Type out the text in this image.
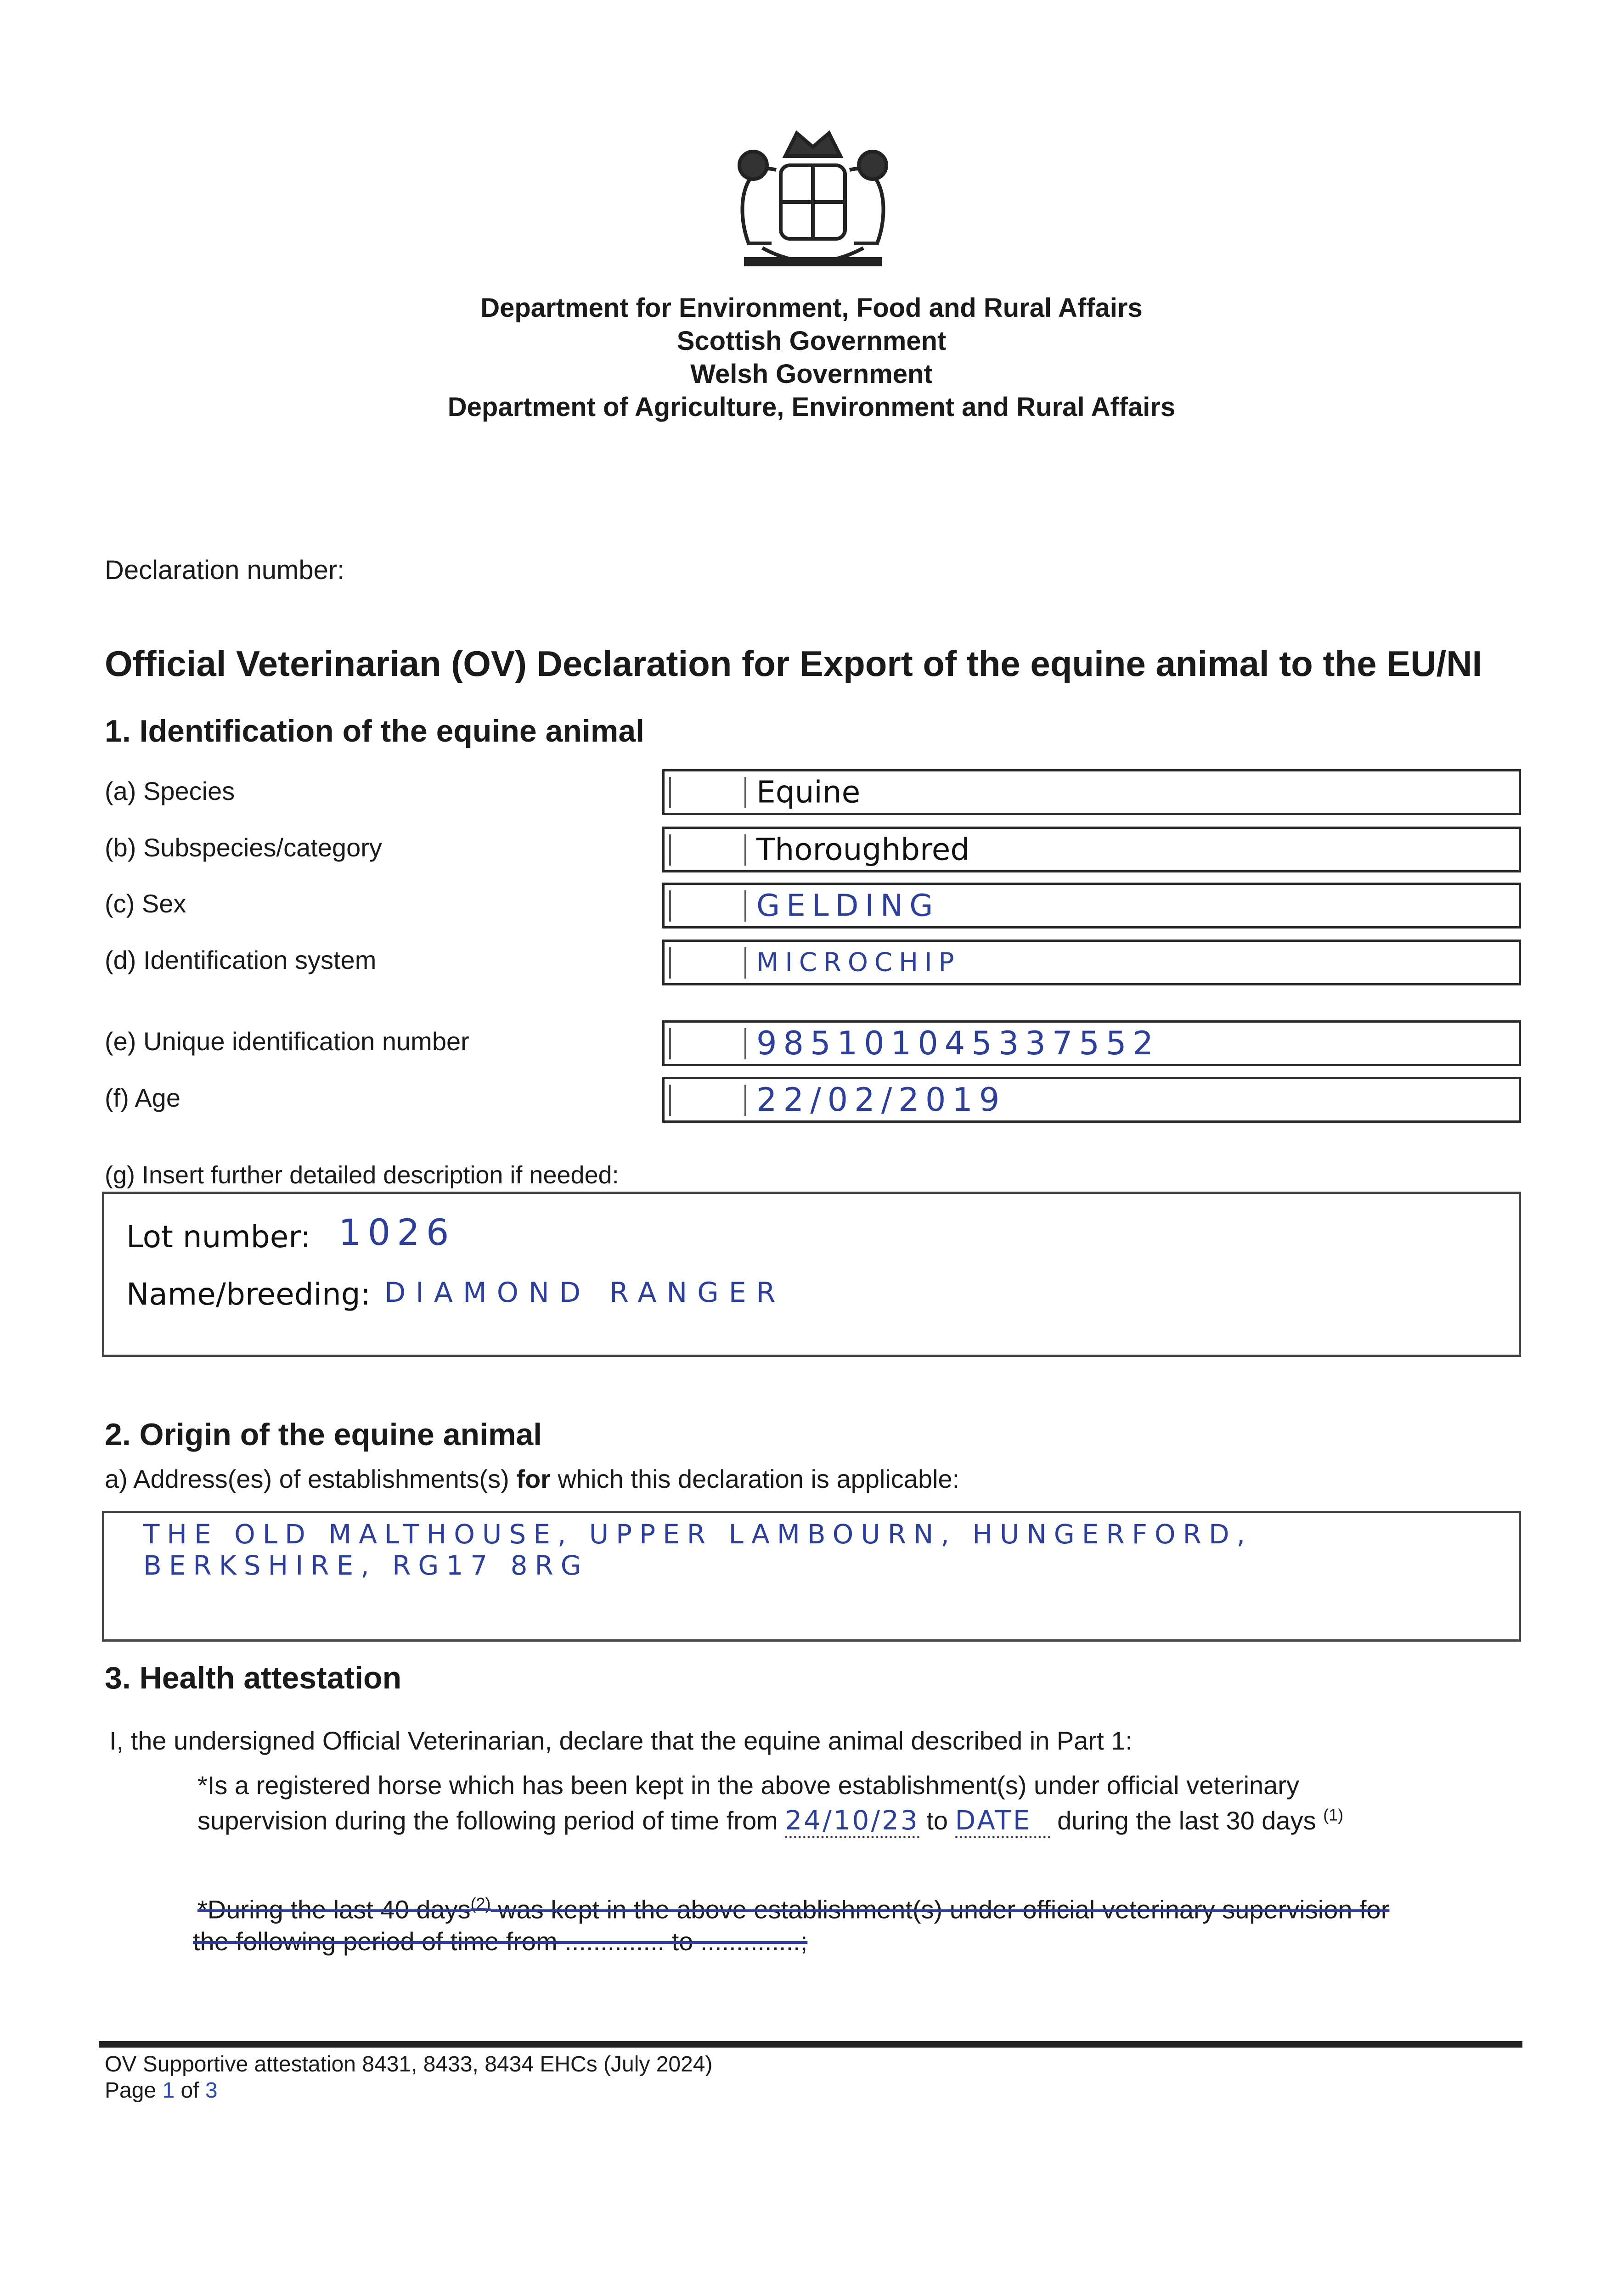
Department for Environment, Food and Rural Affairs
Scottish Government
Welsh Government
Department of Agriculture, Environment and Rural Affairs
Declaration number:
Official Veterinarian (OV) Declaration for Export of the equine animal to the EU/NI
1. Identification of the equine animal
(a) Species	Equine
(b) Subspecies/category	Thoroughbred
(c) Sex	GELDING
(d) Identification system	MICROCHIP
(e) Unique identification number	985101045337552
(f) Age	22/02/2019
(g) Insert further detailed description if needed:
Lot number: 1026
Name/breeding: DIAMOND RANGER
2. Origin of the equine animal
a) Address(es) of establishments(s) for which this declaration is applicable:
THE OLD MALTHOUSE, UPPER LAMBOURN, HUNGERFORD,
BERKSHIRE, RG17 8RG
3. Health attestation
I, the undersigned Official Veterinarian, declare that the equine animal described in Part 1:
*Is a registered horse which has been kept in the above establishment(s) under official veterinary
supervision during the following period of time from 24/10/23 to DATE during the last 30 days $^{(1)}$
*During the last 40 days$^{(2)}$ was kept in the above establishment(s) under official veterinary supervision for
the following period of time from .............. to ..............;
OV Supportive attestation 8431, 8433, 8434 EHCs (July 2024)
Page 1 of 3
